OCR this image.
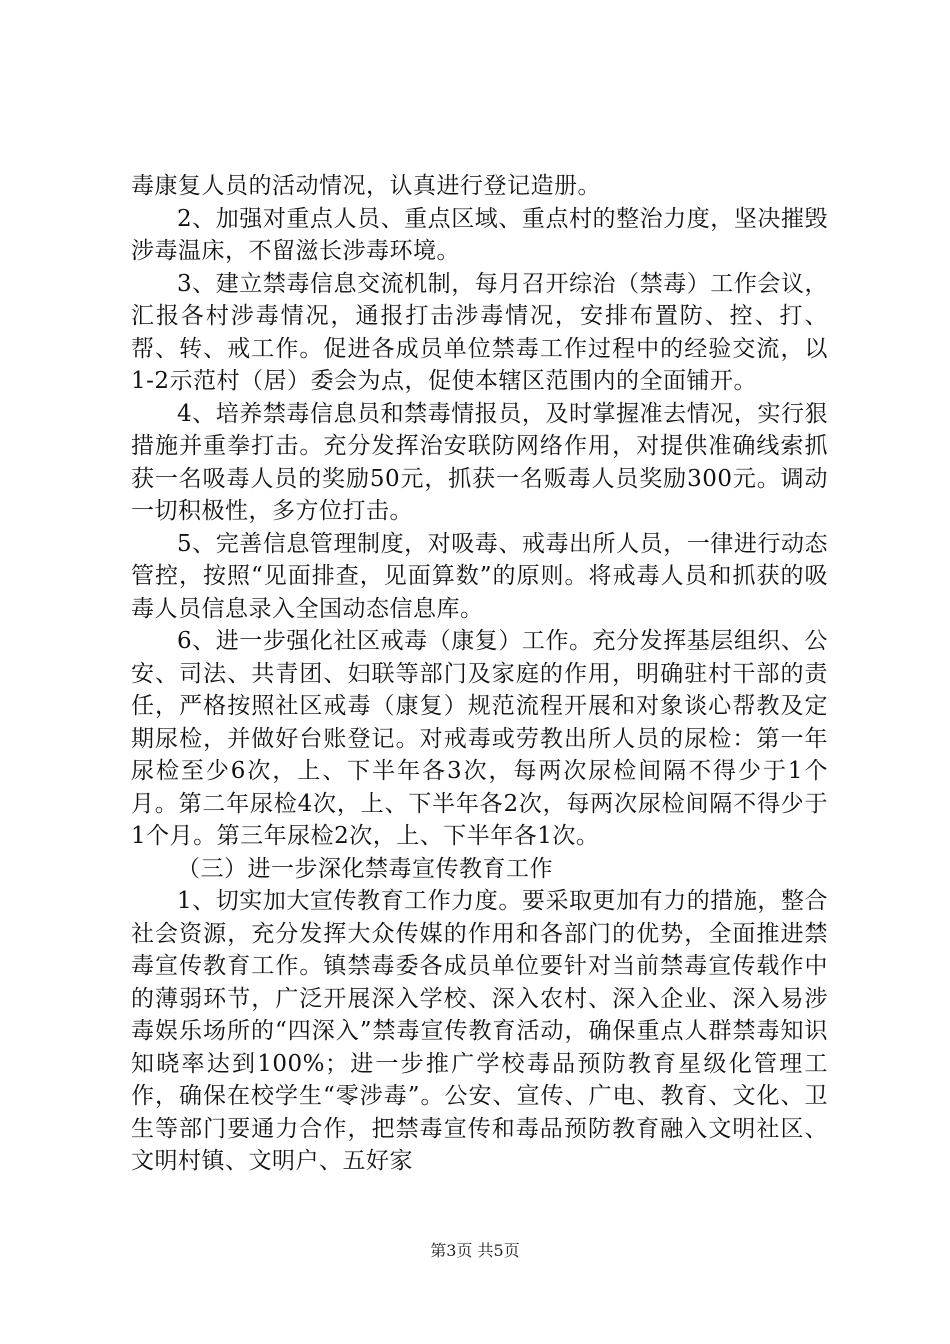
毒康复人员的活动情况，认真进行登记造册。

2、加强对重点人员、重点区域、重点村的整治力度，坚决摧毁涉毒温床，不留滋长涉毒环境。

3、建立禁毒信息交流机制，每月召开综治（禁毒）工作会议，汇报各村涉毒情况，通报打击涉毒情况，安排布置防、控、打、帮、转、戒工作。促进各成员单位禁毒工作过程中的经验交流，以1-2示范村（居）委会为点，促使本辖区范围内的全面铺开。

4、培养禁毒信息员和禁毒情报员，及时掌握准去情况，实行狠措施并重拳打击。充分发挥治安联防网络作用，对提供准确线索抓获一名吸毒人员的奖励50元，抓获一名贩毒人员奖励300元。调动一切积极性，多方位打击。

5、完善信息管理制度，对吸毒、戒毒出所人员，一律进行动态管控，按照“见面排查，见面算数”的原则。将戒毒人员和抓获的吸毒人员信息录入全国动态信息库。

6、进一步强化社区戒毒（康复）工作。充分发挥基层组织、公安、司法、共青团、妇联等部门及家庭的作用，明确驻村干部的责任，严格按照社区戒毒（康复）规范流程开展和对象谈心帮教及定期尿检，并做好台账登记。对戒毒或劳教出所人员的尿检：第一年尿检至少6次，上、下半年各3次，每两次尿检间隔不得少于1个月。第二年尿检4次，上、下半年各2次，每两次尿检间隔不得少于1个月。第三年尿检2次，上、下半年各1次。

（三）进一步深化禁毒宣传教育工作

1、切实加大宣传教育工作力度。要采取更加有力的措施，整合社会资源，充分发挥大众传媒的作用和各部门的优势，全面推进禁毒宣传教育工作。镇禁毒委各成员单位要针对当前禁毒宣传载作中的薄弱环节，广泛开展深入学校、深入农村、深入企业、深入易涉毒娱乐场所的“四深入”禁毒宣传教育活动，确保重点人群禁毒知识知晓率达到100%；进一步推广学校毒品预防教育星级化管理工作，确保在校学生“零涉毒”。公安、宣传、广电、教育、文化、卫生等部门要通力合作，把禁毒宣传和毒品预防教育融入文明社区、文明村镇、文明户、五好家

第3页 共5页
